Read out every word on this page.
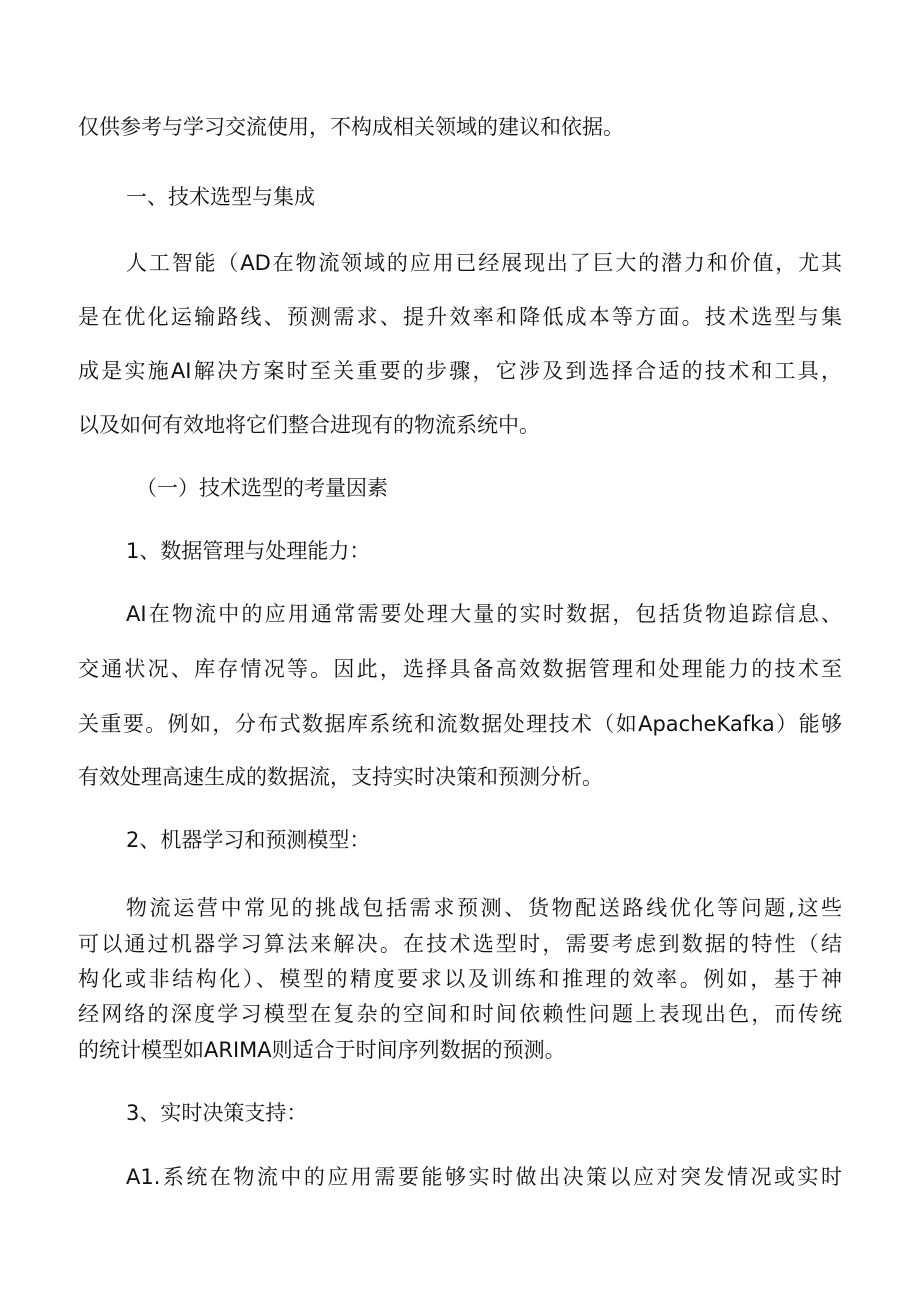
仅供参考与学习交流使用，不构成相关领域的建议和依据。
一、技术选型与集成
人工智能（AD在物流领域的应用已经展现出了巨大的潜力和价值，尤其
是在优化运输路线、预测需求、提升效率和降低成本等方面。技术选型与集
成是实施AI解决方案时至关重要的步骤，它涉及到选择合适的技术和工具，
以及如何有效地将它们整合进现有的物流系统中。
（一）技术选型的考量因素
1、数据管理与处理能力：
AI在物流中的应用通常需要处理大量的实时数据，包括货物追踪信息、
交通状况、库存情况等。因此，选择具备高效数据管理和处理能力的技术至
关重要。例如，分布式数据库系统和流数据处理技术（如ApacheKafka）能够
有效处理高速生成的数据流，支持实时决策和预测分析。
2、机器学习和预测模型：
物流运营中常见的挑战包括需求预测、货物配送路线优化等问题,这些
可以通过机器学习算法来解决。在技术选型时，需要考虑到数据的特性（结
构化或非结构化）、模型的精度要求以及训练和推理的效率。例如，基于神
经网络的深度学习模型在复杂的空间和时间依赖性问题上表现出色，而传统
的统计模型如ARIMA则适合于时间序列数据的预测。
3、实时决策支持：
A1.系统在物流中的应用需要能够实时做出决策以应对突发情况或实时
